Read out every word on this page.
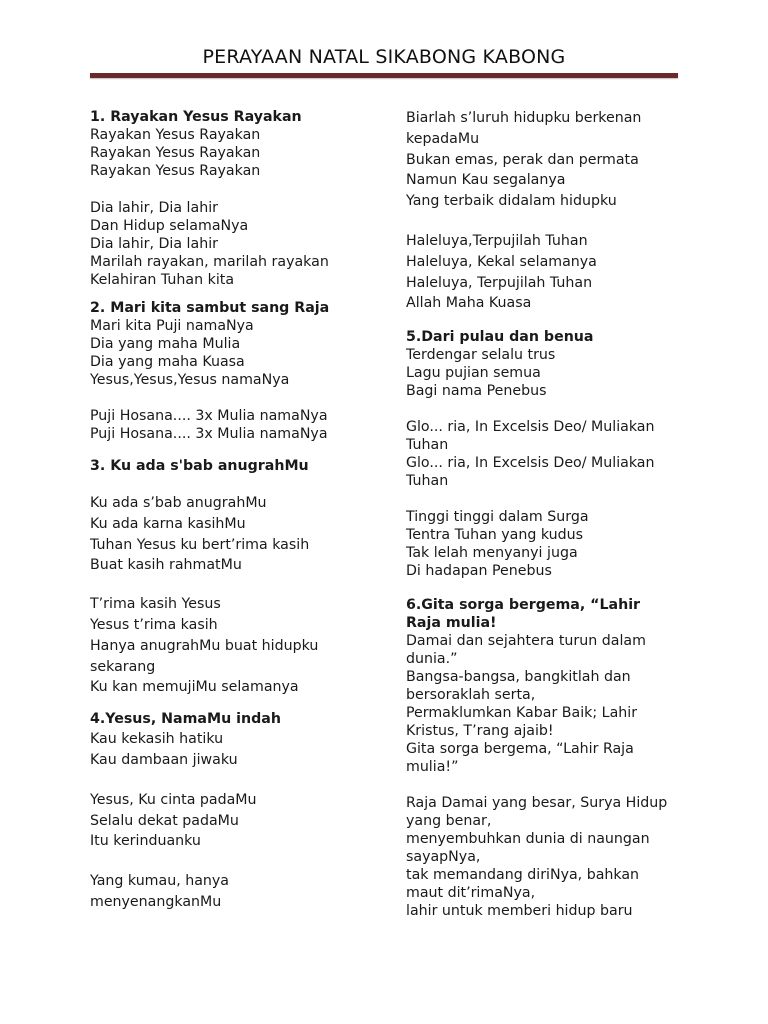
PERAYAAN NATAL SIKABONG KABONG
1. Rayakan Yesus Rayakan
Rayakan Yesus Rayakan
Rayakan Yesus Rayakan
Rayakan Yesus Rayakan
Dia lahir, Dia lahir
Dan Hidup selamaNya
Dia lahir, Dia lahir
Marilah rayakan, marilah rayakan
Kelahiran Tuhan kita
2. Mari kita sambut sang Raja
Mari kita Puji namaNya
Dia yang maha Mulia
Dia yang maha Kuasa
Yesus,Yesus,Yesus namaNya
Puji Hosana.... 3x Mulia namaNya
Puji Hosana.... 3x Mulia namaNya
3. Ku ada s'bab anugrahMu
Ku ada s’bab anugrahMu
Ku ada karna kasihMu
Tuhan Yesus ku bert’rima kasih
Buat kasih rahmatMu
T’rima kasih Yesus
Yesus t’rima kasih
Hanya anugrahMu buat hidupku sekarang
Ku kan memujiMu selamanya
4.Yesus, NamaMu indah
Kau kekasih hatiku
Kau dambaan jiwaku
Yesus, Ku cinta padaMu
Selalu dekat padaMu
Itu kerinduanku
Yang kumau, hanya menyenangkanMu
Biarlah s’luruh hidupku berkenan kepadaMu
Bukan emas, perak dan permata
Namun Kau segalanya
Yang terbaik didalam hidupku
Haleluya,Terpujilah Tuhan
Haleluya, Kekal selamanya
Haleluya, Terpujilah Tuhan
Allah Maha Kuasa
5.Dari pulau dan benua
Terdengar selalu trus
Lagu pujian semua
Bagi nama Penebus
Glo... ria, In Excelsis Deo/ Muliakan Tuhan
Glo... ria, In Excelsis Deo/ Muliakan Tuhan
Tinggi tinggi dalam Surga
Tentra Tuhan yang kudus
Tak lelah menyanyi juga
Di hadapan Penebus
6.Gita sorga bergema, “Lahir Raja mulia!
Damai dan sejahtera turun dalam dunia.”
Bangsa-bangsa, bangkitlah dan bersoraklah serta,
Permaklumkan Kabar Baik; Lahir Kristus, T’rang ajaib!
Gita sorga bergema, “Lahir Raja mulia!”
Raja Damai yang besar, Surya Hidup yang benar,
menyembuhkan dunia di naungan sayapNya,
tak memandang diriNya, bahkan maut dit’rimaNya,
lahir untuk memberi hidup baru
